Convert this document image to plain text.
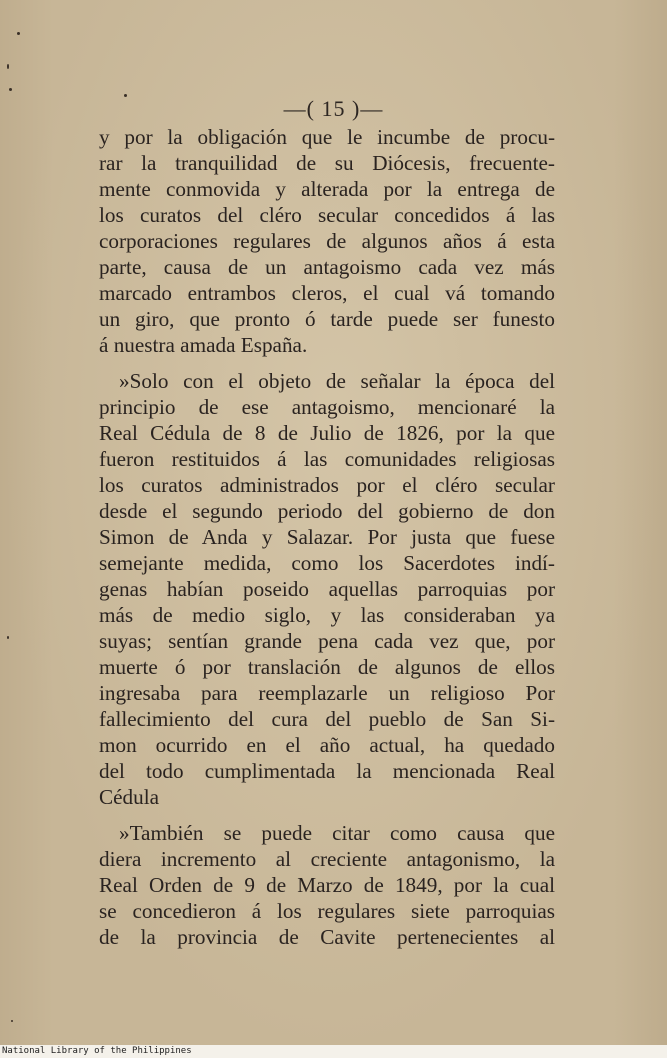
—( 15 )—
y por la obligación que le incumbe de procu-
rar la tranquilidad de su Diócesis, frecuente-
mente conmovida y alterada por la entrega de
los curatos del cléro secular concedidos á las
corporaciones regulares de algunos años á esta
parte, causa de un antagoismo cada vez más
marcado entrambos cleros, el cual vá tomando
un giro, que pronto ó tarde puede ser funesto
á nuestra amada España.
»Solo con el objeto de señalar la época del
principio de ese antagoismo, mencionaré la
Real Cédula de 8 de Julio de 1826, por la que
fueron restituidos á las comunidades religiosas
los curatos administrados por el cléro secular
desde el segundo periodo del gobierno de don
Simon de Anda y Salazar. Por justa que fuese
semejante medida, como los Sacerdotes indí-
genas habían poseido aquellas parroquias por
más de medio siglo, y las consideraban ya
suyas; sentían grande pena cada vez que, por
muerte ó por translación de algunos de ellos
ingresaba para reemplazarle un religioso Por
fallecimiento del cura del pueblo de San Si-
mon ocurrido en el año actual, ha quedado
del todo cumplimentada la mencionada Real
Cédula
»También se puede citar como causa que
diera incremento al creciente antagonismo, la
Real Orden de 9 de Marzo de 1849, por la cual
se concedieron á los regulares siete parroquias
de la provincia de Cavite pertenecientes al
National Library of the Philippines
